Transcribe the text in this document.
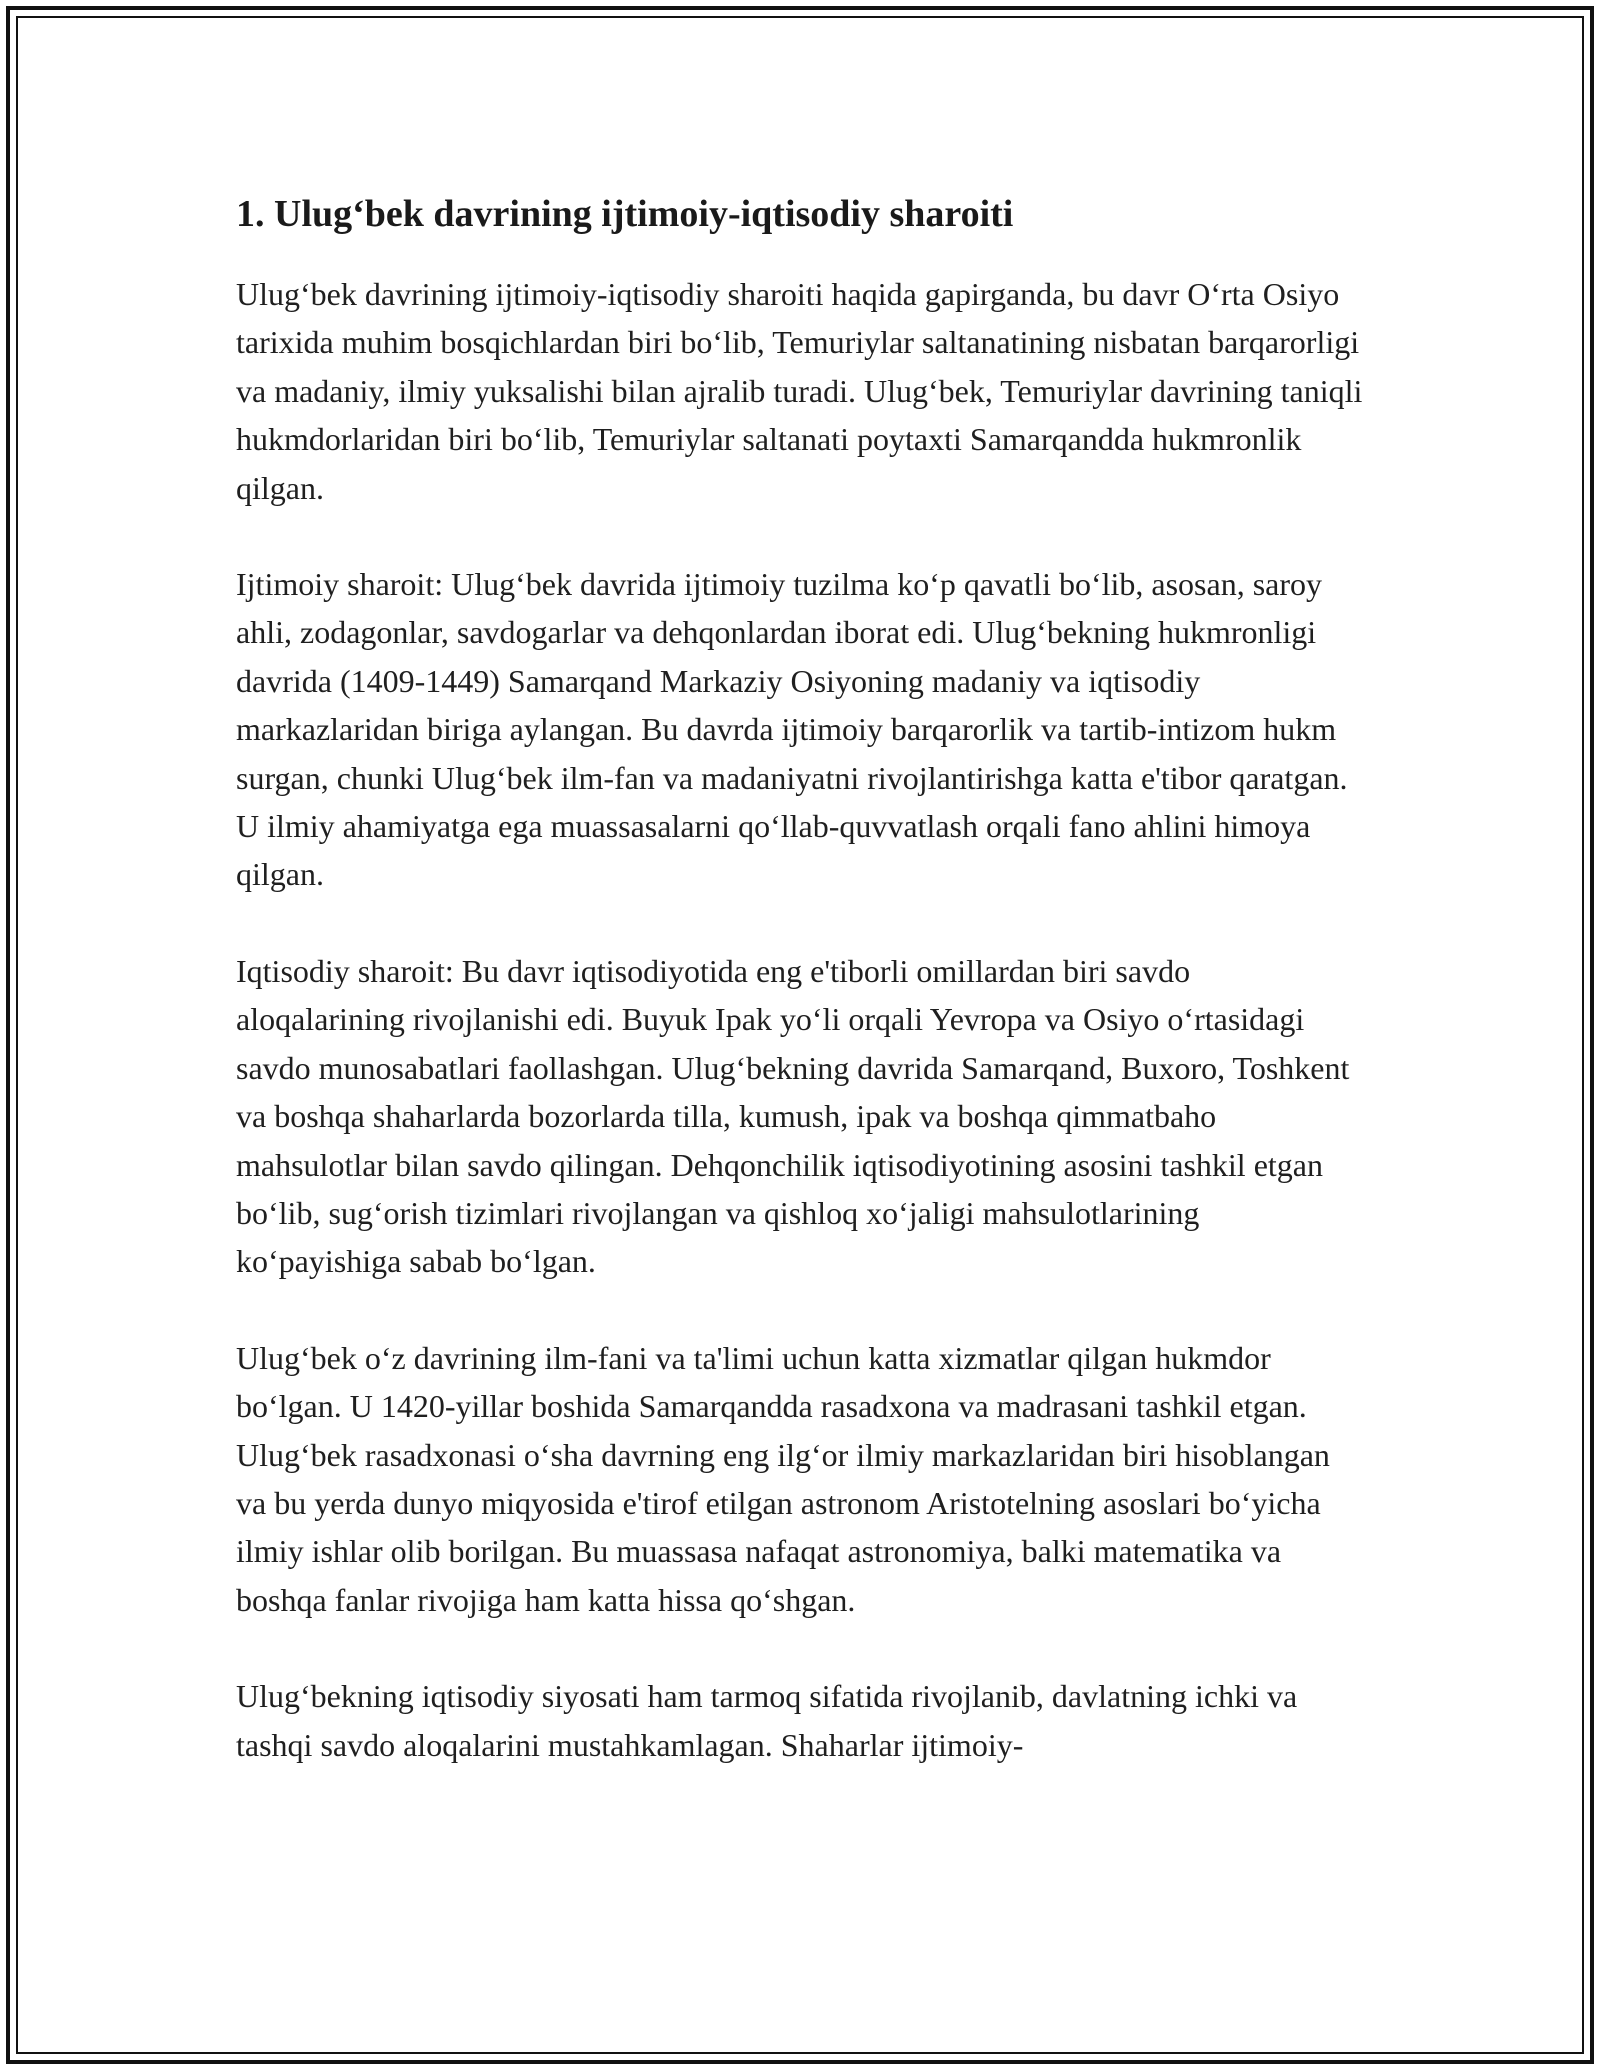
1. Ulug‘bek davrining ijtimoiy-iqtisodiy sharoiti

Ulug‘bek davrining ijtimoiy-iqtisodiy sharoiti haqida gapirganda, bu davr O‘rta Osiyo tarixida muhim bosqichlardan biri bo‘lib, Temuriylar saltanatining nisbatan barqarorligi va madaniy, ilmiy yuksalishi bilan ajralib turadi. Ulug‘bek, Temuriylar davrining taniqli hukmdorlaridan biri bo‘lib, Temuriylar saltanati poytaxti Samarqandda hukmronlik qilgan.

Ijtimoiy sharoit: Ulug‘bek davrida ijtimoiy tuzilma ko‘p qavatli bo‘lib, asosan, saroy ahli, zodagonlar, savdogarlar va dehqonlardan iborat edi. Ulug‘bekning hukmronligi davrida (1409-1449) Samarqand Markaziy Osiyoning madaniy va iqtisodiy markazlaridan biriga aylangan. Bu davrda ijtimoiy barqarorlik va tartib-intizom hukm surgan, chunki Ulug‘bek ilm-fan va madaniyatni rivojlantirishga katta e'tibor qaratgan. U ilmiy ahamiyatga ega muassasalarni qo‘llab-quvvatlash orqali fano ahlini himoya qilgan.

Iqtisodiy sharoit: Bu davr iqtisodiyotida eng e'tiborli omillardan biri savdo aloqalarining rivojlanishi edi. Buyuk Ipak yo‘li orqali Yevropa va Osiyo o‘rtasidagi savdo munosabatlari faollashgan. Ulug‘bekning davrida Samarqand, Buxoro, Toshkent va boshqa shaharlarda bozorlarda tilla, kumush, ipak va boshqa qimmatbaho mahsulotlar bilan savdo qilingan. Dehqonchilik iqtisodiyotining asosini tashkil etgan bo‘lib, sug‘orish tizimlari rivojlangan va qishloq xo‘jaligi mahsulotlarining ko‘payishiga sabab bo‘lgan.

Ulug‘bek o‘z davrining ilm-fani va ta'limi uchun katta xizmatlar qilgan hukmdor bo‘lgan. U 1420-yillar boshida Samarqandda rasadxona va madrasani tashkil etgan. Ulug‘bek rasadxonasi o‘sha davrning eng ilg‘or ilmiy markazlaridan biri hisoblangan va bu yerda dunyo miqyosida e'tirof etilgan astronom Aristotelning asoslari bo‘yicha ilmiy ishlar olib borilgan. Bu muassasa nafaqat astronomiya, balki matematika va boshqa fanlar rivojiga ham katta hissa qo‘shgan.

Ulug‘bekning iqtisodiy siyosati ham tarmoq sifatida rivojlanib, davlatning ichki va tashqi savdo aloqalarini mustahkamlagan. Shaharlar ijtimoiy-
